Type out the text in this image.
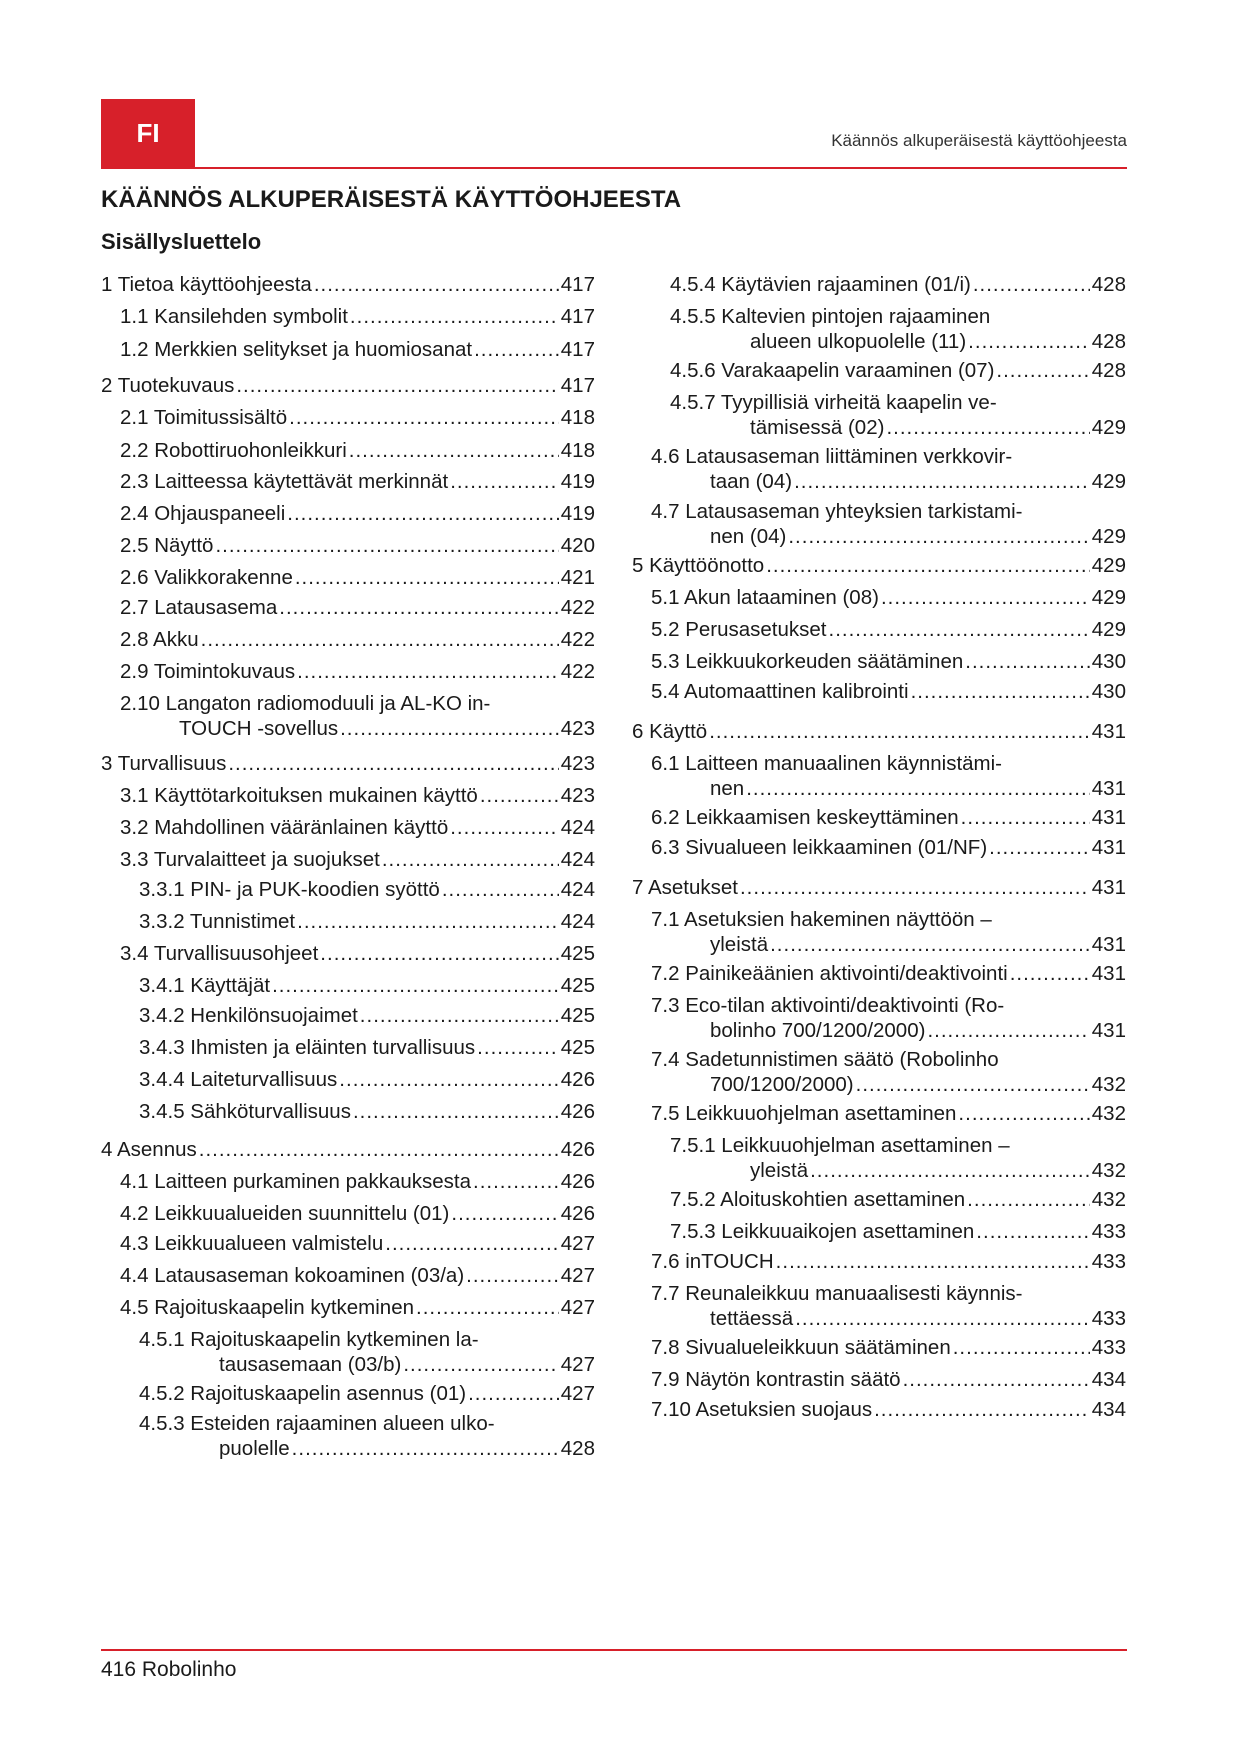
FI	Käännös alkuperäisestä käyttöohjeesta
KÄÄNNÖS ALKUPERÄISESTÄ KÄYTTÖOHJEESTA
Sisällysluettelo
1 Tietoa käyttöohjeesta .....	417
1.1 Kansilehden symbolit .....	417
1.2 Merkkien selitykset ja huomiosanat .....	417
2 Tuotekuvaus .....	417
2.1 Toimitussisältö .....	418
2.2 Robottiruohonleikkuri .....	418
2.3 Laitteessa käytettävät merkinnät .....	419
2.4 Ohjauspaneeli .....	419
2.5 Näyttö .....	420
2.6 Valikkorakenne .....	421
2.7 Latausasema .....	422
2.8 Akku .....	422
2.9 Toimintokuvaus .....	422
2.10 Langaton radiomoduuli ja AL-KO in-
TOUCH -sovellus .....	423
3 Turvallisuus .....	423
3.1 Käyttötarkoituksen mukainen käyttö .....	423
3.2 Mahdollinen vääränlainen käyttö .....	424
3.3 Turvalaitteet ja suojukset .....	424
3.3.1 PIN- ja PUK-koodien syöttö .....	424
3.3.2 Tunnistimet .....	424
3.4 Turvallisuusohjeet .....	425
3.4.1 Käyttäjät .....	425
3.4.2 Henkilönsuojaimet .....	425
3.4.3 Ihmisten ja eläinten turvallisuus .....	425
3.4.4 Laiteturvallisuus .....	426
3.4.5 Sähköturvallisuus .....	426
4 Asennus .....	426
4.1 Laitteen purkaminen pakkauksesta .....	426
4.2 Leikkuualueiden suunnittelu (01) .....	426
4.3 Leikkuualueen valmistelu .....	427
4.4 Latausaseman kokoaminen (03/a) .....	427
4.5 Rajoituskaapelin kytkeminen .....	427
4.5.1 Rajoituskaapelin kytkeminen la-
tausasemaan (03/b) .....	427
4.5.2 Rajoituskaapelin asennus (01) .....	427
4.5.3 Esteiden rajaaminen alueen ulko-
puolelle .....	428
4.5.4 Käytävien rajaaminen (01/i) .....	428
4.5.5 Kaltevien pintojen rajaaminen
alueen ulkopuolelle (11) .....	428
4.5.6 Varakaapelin varaaminen (07) .....	428
4.5.7 Tyypillisiä virheitä kaapelin ve-
tämisessä (02) .....	429
4.6 Latausaseman liittäminen verkkovir-
taan (04) .....	429
4.7 Latausaseman yhteyksien tarkistami-
nen (04) .....	429
5 Käyttöönotto .....	429
5.1 Akun lataaminen (08) .....	429
5.2 Perusasetukset .....	429
5.3 Leikkuukorkeuden säätäminen .....	430
5.4 Automaattinen kalibrointi .....	430
6 Käyttö .....	431
6.1 Laitteen manuaalinen käynnistämi-
nen .....	431
6.2 Leikkaamisen keskeyttäminen .....	431
6.3 Sivualueen leikkaaminen (01/NF) .....	431
7 Asetukset .....	431
7.1 Asetuksien hakeminen näyttöön –
yleistä .....	431
7.2 Painikeäänien aktivointi/deaktivointi .....	431
7.3 Eco-tilan aktivointi/deaktivointi (Ro-
bolinho 700/1200/2000) .....	431
7.4 Sadetunnistimen säätö (Robolinho
700/1200/2000) .....	432
7.5 Leikkuuohjelman asettaminen .....	432
7.5.1 Leikkuuohjelman asettaminen –
yleistä .....	432
7.5.2 Aloituskohtien asettaminen .....	432
7.5.3 Leikkuuaikojen asettaminen .....	433
7.6 inTOUCH .....	433
7.7 Reunaleikkuu manuaalisesti käynnis-
tettäessä .....	433
7.8 Sivualueleikkuun säätäminen .....	433
7.9 Näytön kontrastin säätö .....	434
7.10 Asetuksien suojaus .....	434
416 Robolinho
